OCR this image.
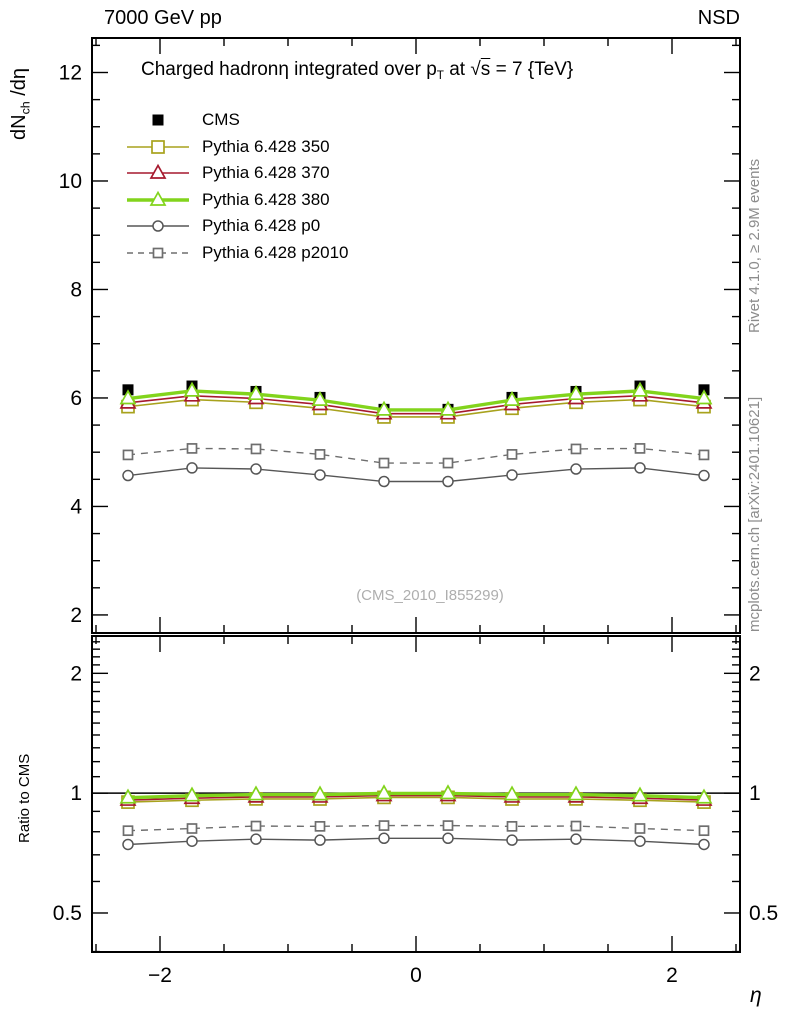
7000 GeV pp	NSD
$dN_{ch}$ /dη
Ratio to CMS
Rivet 4.1.0, ≥ 2.9M events
mcplots.cern.ch [arXiv:2401.10621]
Charged hadronη integrated over $p_T$ at √s = 7 {TeV}
CMS
Pythia 6.428 350
Pythia 6.428 370
Pythia 6.428 380
Pythia 6.428 p0
Pythia 6.428 p2010
(CMS_2010_I855299)
η
−2	0	2
2
4
6
8
10
12
0.5	0.5
1	1
2	2
